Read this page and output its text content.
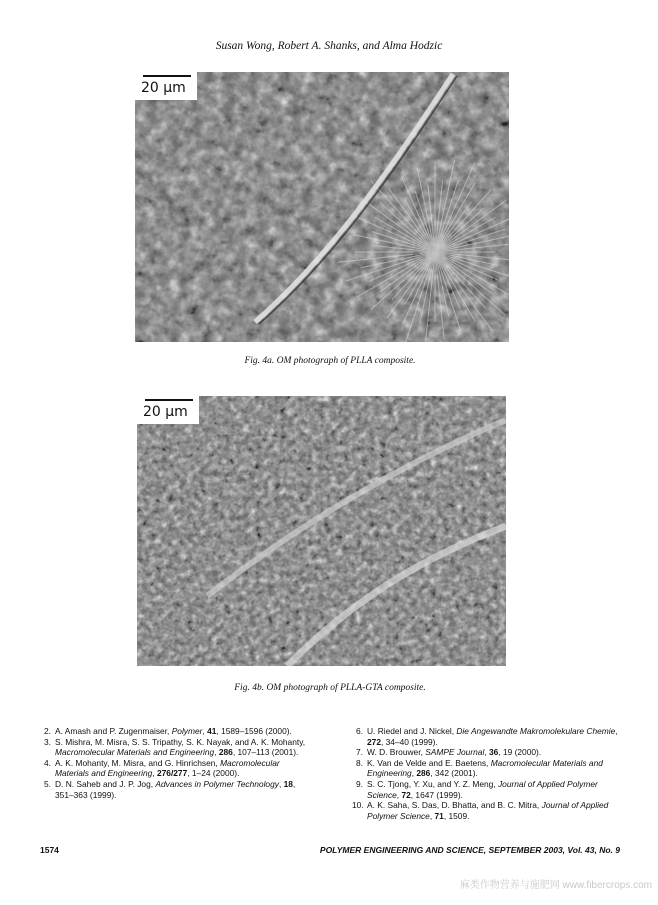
Susan Wong, Robert A. Shanks, and Alma Hodzic
20 μm
Fig. 4a. OM photograph of PLLA composite.
20 μm
Fig. 4b. OM photograph of PLLA-GTA composite.
2. A. Amash and P. Zugenmaiser, Polymer, 41, 1589–1596 (2000).
3. S. Mishra, M. Misra, S. S. Tripathy, S. K. Nayak, and A. K. Mohanty, Macromolecular Materials and Engineering, 286, 107–113 (2001).
4. A. K. Mohanty, M. Misra, and G. Hinrichsen, Macromolecular Materials and Engineering, 276/277, 1–24 (2000).
5. D. N. Saheb and J. P. Jog, Advances in Polymer Technology, 18, 351–363 (1999).
6. U. Riedel and J. Nickel, Die Angewandte Makromolekulare Chemie, 272, 34–40 (1999).
7. W. D. Brouwer, SAMPE Journal, 36, 19 (2000).
8. K. Van de Velde and E. Baetens, Macromolecular Materials and Engineering, 286, 342 (2001).
9. S. C. Tjong, Y. Xu, and Y. Z. Meng, Journal of Applied Polymer Science, 72, 1647 (1999).
10. A. K. Saha, S. Das, D. Bhatta, and B. C. Mitra, Journal of Applied Polymer Science, 71, 1509.
1574	POLYMER ENGINEERING AND SCIENCE, SEPTEMBER 2003, Vol. 43, No. 9
麻类作物营养与施肥网 www.fibercrops.com
